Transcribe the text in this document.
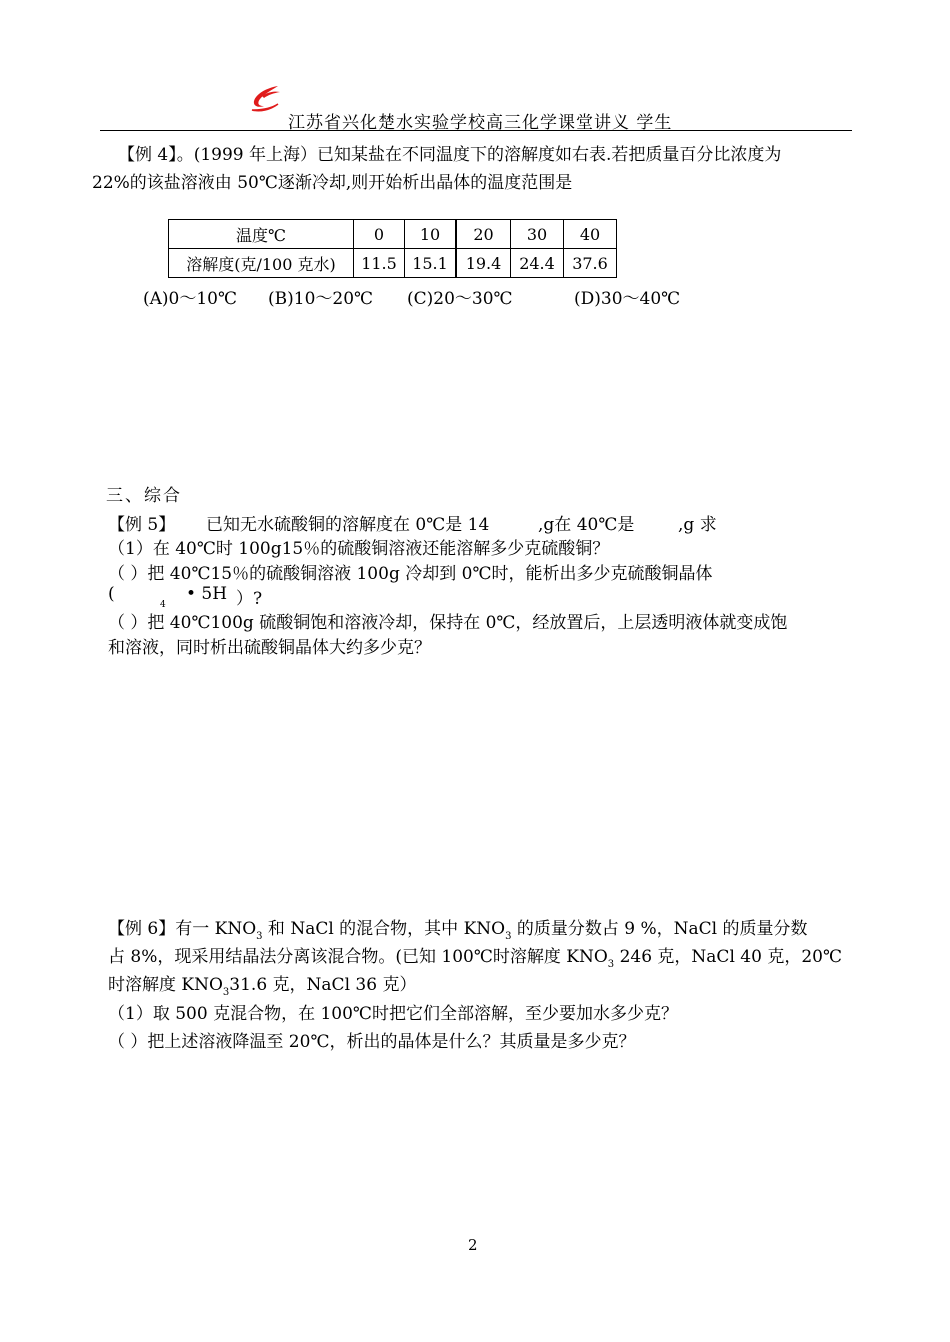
江苏省兴化楚水实验学校高三化学课堂讲义 学生
【例 4】。(1999 年上海）已知某盐在不同温度下的溶解度如右表.若把质量百分比浓度为
22%的该盐溶液由 50℃逐渐冷却,则开始析出晶体的温度范围是
温度℃	0	10	20	30	40
溶解度(克/100 克水)	11.5	15.1	19.4	24.4	37.6
(A)0～10℃ (B)10～20℃ (C)20～30℃	(D)30～40℃
三、综合
【例 5】 已知无水硫酸铜的溶解度在 0℃是 14	,g在 40℃是	,g 求
（1）在 40℃时 100g15％的硫酸铜溶液还能溶解多少克硫酸铜？
（ ）把 40℃15％的硫酸铜溶液 100g 冷却到 0℃时，能析出多少克硫酸铜晶体
(	• 5H ）?
4
（ ）把 40℃100g 硫酸铜饱和溶液冷却，保持在 0℃，经放置后，上层透明液体就变成饱
和溶液，同时析出硫酸铜晶体大约多少克？
【例 6】有一 $KNO_3$ 和 NaCl 的混合物，其中 $KNO_3$ 的质量分数占 9 %，NaCl 的质量分数
占 8%，现采用结晶法分离该混合物。(已知 100℃时溶解度 $KNO_3$ 246 克，NaCl 40 克，20℃
时溶解度 $KNO_331.6$ 克，NaCl 36 克）
（1）取 500 克混合物，在 100℃时把它们全部溶解，至少要加水多少克？
（ ）把上述溶液降温至 20℃，析出的晶体是什么？其质量是多少克？
2
